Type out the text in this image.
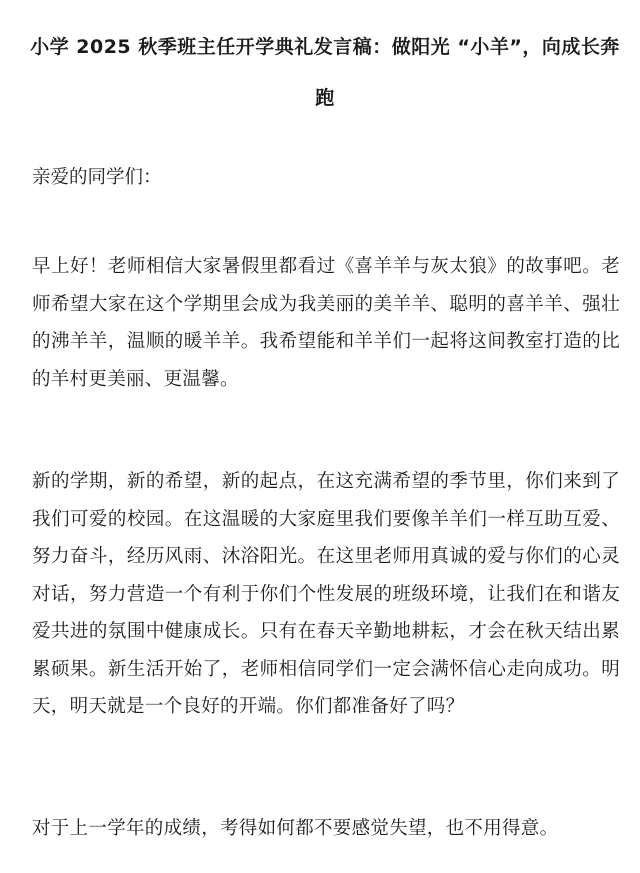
小学 2025 秋季班主任开学典礼发言稿：做阳光 “小羊”，向成长奔跑

亲爱的同学们：

早上好！老师相信大家暑假里都看过《喜羊羊与灰太狼》的故事吧。老师希望大家在这个学期里会成为我美丽的美羊羊、聪明的喜羊羊、强壮的沸羊羊，温顺的暖羊羊。我希望能和羊羊们一起将这间教室打造的比的羊村更美丽、更温馨。

新的学期，新的希望，新的起点，在这充满希望的季节里，你们来到了我们可爱的校园。在这温暖的大家庭里我们要像羊羊们一样互助互爱、努力奋斗，经历风雨、沐浴阳光。在这里老师用真诚的爱与你们的心灵对话，努力营造一个有利于你们个性发展的班级环境，让我们在和谐友爱共进的氛围中健康成长。只有在春天辛勤地耕耘，才会在秋天结出累累硕果。新生活开始了，老师相信同学们一定会满怀信心走向成功。明天，明天就是一个良好的开端。你们都准备好了吗？

对于上一学年的成绩，考得如何都不要感觉失望，也不用得意。
